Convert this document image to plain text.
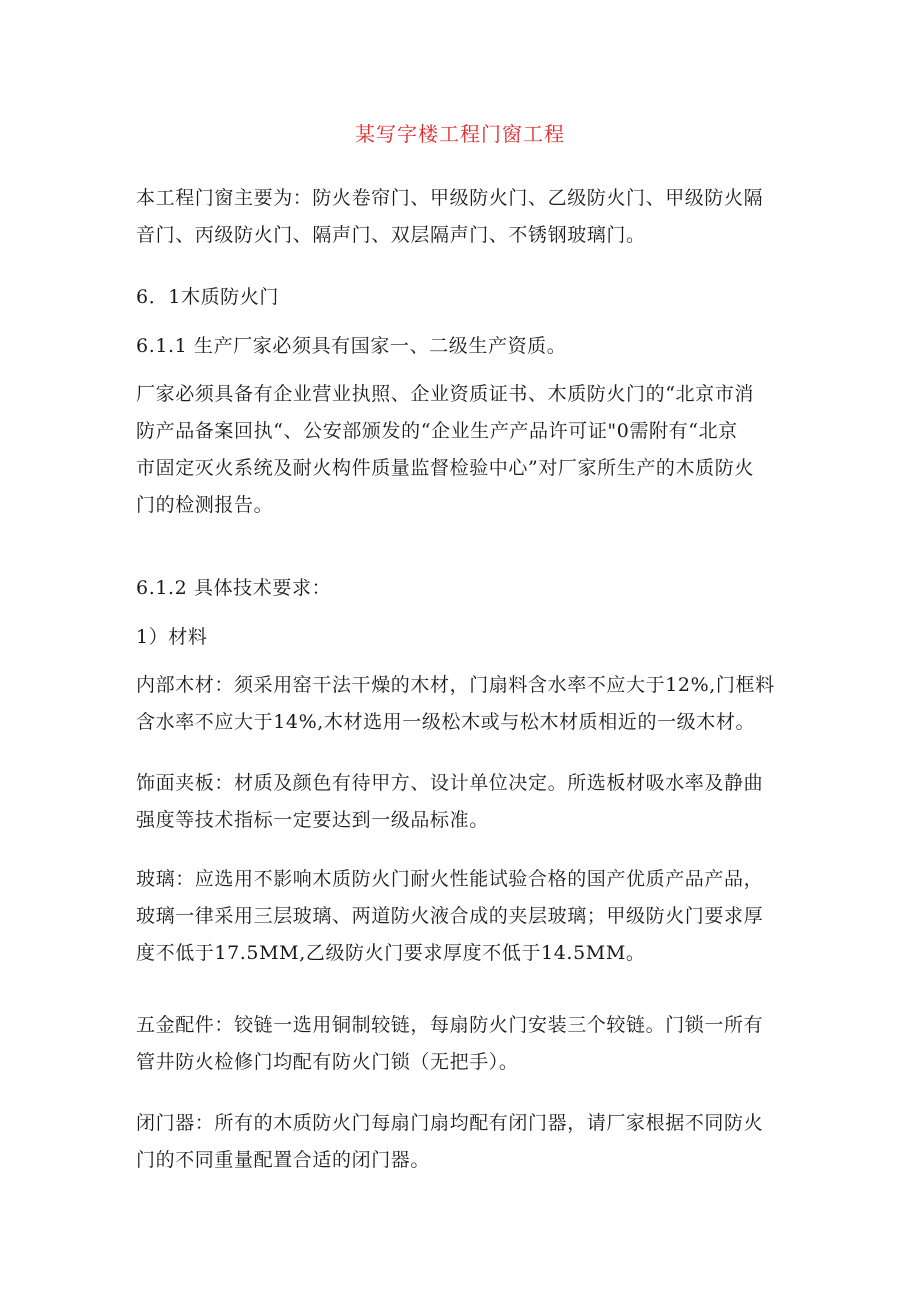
某写字楼工程门窗工程
本工程门窗主要为：防火卷帘门、甲级防火门、乙级防火门、甲级防火隔
音门、丙级防火门、隔声门、双层隔声门、不锈钢玻璃门。
6．1木质防火门
6.1.1 生产厂家必须具有国家一、二级生产资质。
厂家必须具备有企业营业执照、企业资质证书、木质防火门的“北京市消
防产品备案回执“、公安部颁发的“企业生产产品许可证"0需附有“北京
市固定灭火系统及耐火构件质量监督检验中心”对厂家所生产的木质防火
门的检测报告。
6.1.2 具体技术要求：
1）材料
内部木材：须采用窑干法干燥的木材，门扇料含水率不应大于12%,门框料
含水率不应大于14%,木材选用一级松木或与松木材质相近的一级木材。
饰面夹板：材质及颜色有待甲方、设计单位决定。所选板材吸水率及静曲
强度等技术指标一定要达到一级品标准。
玻璃：应选用不影响木质防火门耐火性能试验合格的国产优质产品产品，
玻璃一律采用三层玻璃、两道防火液合成的夹层玻璃；甲级防火门要求厚
度不低于17.5MM,乙级防火门要求厚度不低于14.5MM。
五金配件：铰链一选用铜制较链，每扇防火门安装三个较链。门锁一所有
管井防火检修门均配有防火门锁（无把手）。
闭门器：所有的木质防火门每扇门扇均配有闭门器，请厂家根据不同防火
门的不同重量配置合适的闭门器。
